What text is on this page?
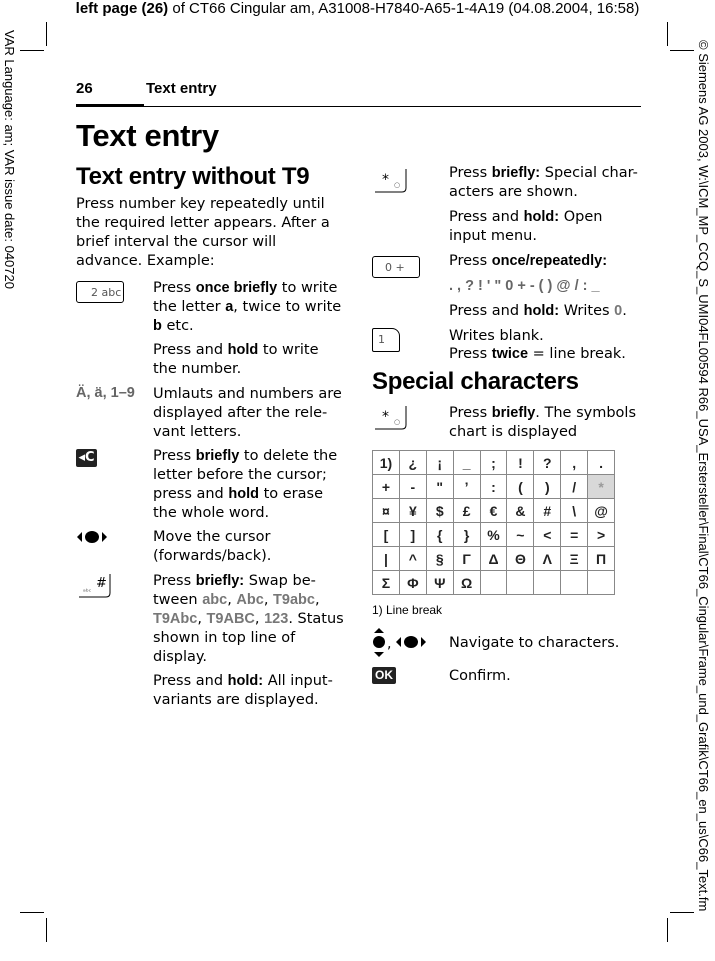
left page (26) of CT66 Cingular am, A31008-H7840-A65-1-4A19 (04.08.2004, 16:58)
VAR Language: am; VAR issue date: 040720	© Siemens AG 2003, W:\ICM_MP_CCQ_S_UMI04FL00594 R66_USA_Erstersteller\Final\CT66_Cingular\Frame_und_Grafik\CT66_en_us\C66_Text.fm
26	Text entry
Text entry
Text entry without T9
Press number key repeatedly until the required letter appears. After a brief interval the cursor will advance. Example:
2 abc Press once briefly to write the letter a, twice to write b etc.
Press and hold to write the number.
Ä, ä, 1–9 Umlauts and numbers are displayed after the rele-vant letters.
◂C	Press briefly to delete the letter before the cursor; press and hold to erase the whole word.
Move the cursor (forwards/back).
#
ᵃᵇᶜ
Press briefly: Swap be-tween abc, Abc, T9abc, T9Abc, T9ABC, 123. Status shown in top line of display.
Press and hold: All input-variants are displayed.
* ○
Press briefly: Special char-acters are shown.
Press and hold: Open input menu.
0 +	Press once/repeatedly:
. , ? ! ' " 0 + - ( ) @ / : _
Press and hold: Writes 0.
1	Writes blank.
Press twice = line break.
Special characters
* ○
Press briefly. The symbols chart is displayed
1)	¿	¡	_	;	!	?	,	.
+	-	"	’	:	(	)	/	*
¤	¥	$	£	€	&	#	\	@
[	]	{	}	%	~	<	=	>
|	^	§	Γ	Δ	Θ	Λ	Ξ	Π
Σ	Φ	Ψ	Ω					
1) Line break
,	Navigate to characters.
OK	Confirm.
